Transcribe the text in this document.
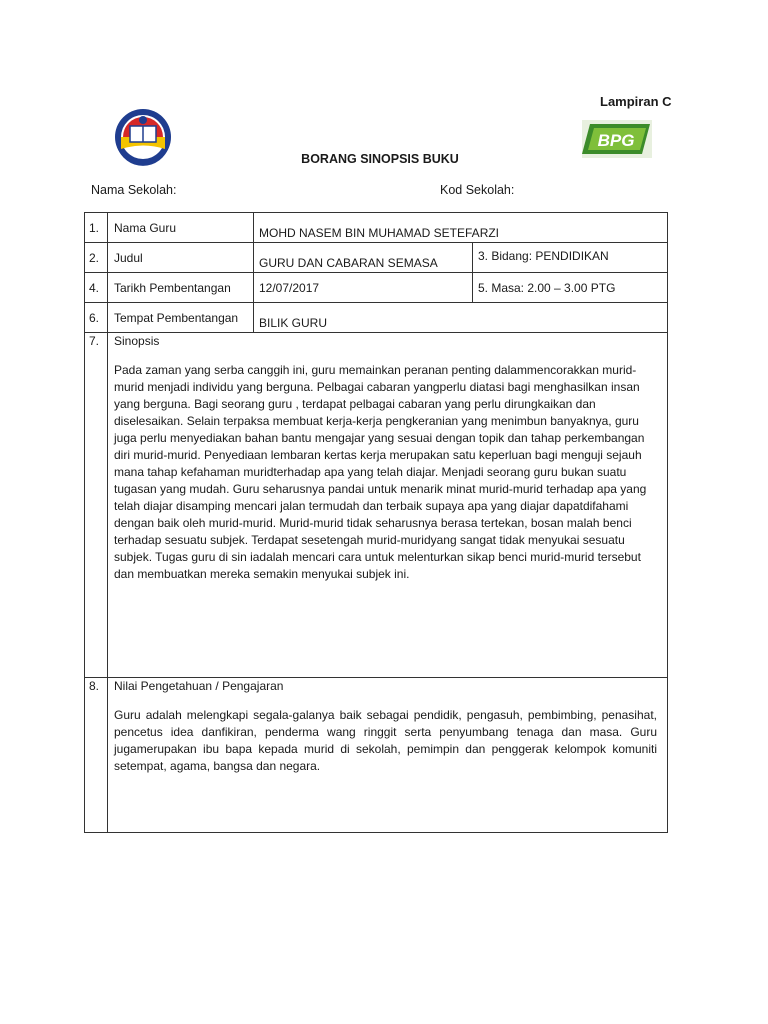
Lampiran C
BPG
BORANG SINOPSIS BUKU
Nama Sekolah:	Kod Sekolah:
1.	Nama Guru	MOHD NASEM BIN MUHAMAD SETEFARZI	
2.	Judul	GURU DAN CABARAN SEMASA	3. Bidang: PENDIDIKAN
4.	Tarikh Pembentangan	12/07/2017	5. Masa: 2.00 – 3.00 PTG
6.	Tempat Pembentangan	BILIK GURU	
7.	Sinopsis
Pada zaman yang serba canggih ini, guru memainkan peranan penting dalammencorakkan murid-murid menjadi individu yang berguna. Pelbagai cabaran yangperlu diatasi bagi menghasilkan insan yang berguna. Bagi seorang guru , terdapat pelbagai cabaran yang perlu dirungkaikan dan diselesaikan. Selain terpaksa membuat kerja-kerja pengkeranian yang menimbun banyaknya, guru juga perlu menyediakan bahan bantu mengajar yang sesuai dengan topik dan tahap perkembangan diri murid-murid. Penyediaan lembaran kertas kerja merupakan satu keperluan bagi menguji sejauh mana tahap kefahaman muridterhadap apa yang telah diajar. Menjadi seorang guru bukan suatu tugasan yang mudah. Guru seharusnya pandai untuk menarik minat murid-murid terhadap apa yang telah diajar disamping mencari jalan termudah dan terbaik supaya apa yang diajar dapatdifahami dengan baik oleh murid-murid. Murid-murid tidak seharusnya berasa tertekan, bosan malah benci terhadap sesuatu subjek. Terdapat sesetengah murid-muridyang sangat tidak menyukai sesuatu subjek. Tugas guru di sin iadalah mencari cara untuk melenturkan sikap benci murid-murid tersebut dan membuatkan mereka semakin menyukai subjek ini.		

8.	Nilai Pengetahuan / Pengajaran
Guru adalah melengkapi segala-galanya baik sebagai pendidik, pengasuh, pembimbing, penasihat, pencetus idea danfikiran, penderma wang ringgit serta penyumbang tenaga dan masa. Guru jugamerupakan ibu bapa kepada murid di sekolah, pemimpin dan penggerak kelompok komuniti setempat, agama, bangsa dan negara.		
